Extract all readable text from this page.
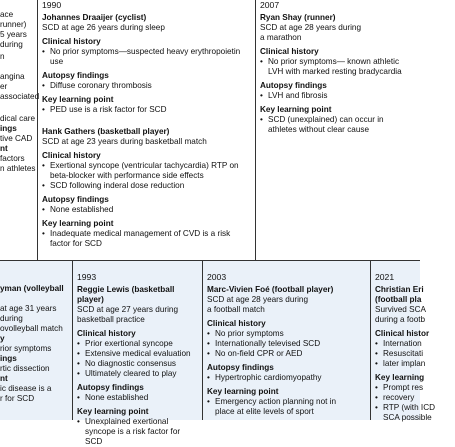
ace runner)
5 years during
n
angina
er associated
dical care
ings
tive CAD
nt
factors
n athletes
yman (volleyball
at age 31 years during
ovolleyball match
y
rior symptoms
ings
rtic dissection
nt
ic disease is a
r for SCD
1990
Johannes Draaijer (cyclist)
SCD at age 26 years during sleep
Clinical history
• No prior symptoms—suspected heavy erythropoietin use
Autopsy findings
• Diffuse coronary thrombosis
Key learning point
• PED use is a risk factor for SCD
Hank Gathers (basketball player)
SCD at age 23 years during basketball match
Clinical history
• Exertional syncope (ventricular tachycardia) RTP on beta-blocker with performance side effects
• SCD following inderal dose reduction
Autopsy findings
• None established
Key learning point
• Inadequate medical management of CVD is a risk factor for SCD
2007
Ryan Shay (runner)
SCD at age 28 years during
a marathon
Clinical history
• No prior symptoms— known athletic LVH with marked resting bradycardia
Autopsy findings
• LVH and fibrosis
Key learning point
• SCD (unexplained) can occur in athletes without clear cause
1993
Reggie Lewis (basketball player)
SCD at age 27 years during
basketball practice
Clinical history
• Prior exertional syncope
• Extensive medical evaluation
• No diagnostic consensus
• Ultimately cleared to play
Autopsy findings
• None established
Key learning point
• Unexplained exertional syncope is a risk factor for SCD
2003
Marc-Vivien Foé (football player)
SCD at age 28 years during
a football match
Clinical history
• No prior symptoms
• Internationally televised SCD
• No on-field CPR or AED
Autopsy findings
• Hypertrophic cardiomyopathy
Key learning point
• Emergency action planning not in place at elite levels of sport
2021
Christian Eri
(football pla
Survived SCA
during a footb
Clinical histor
• Internation
• Resuscitati
• later implan
Key learning
• Prompt res
• recovery
• RTP (with ICD
SCA possible
